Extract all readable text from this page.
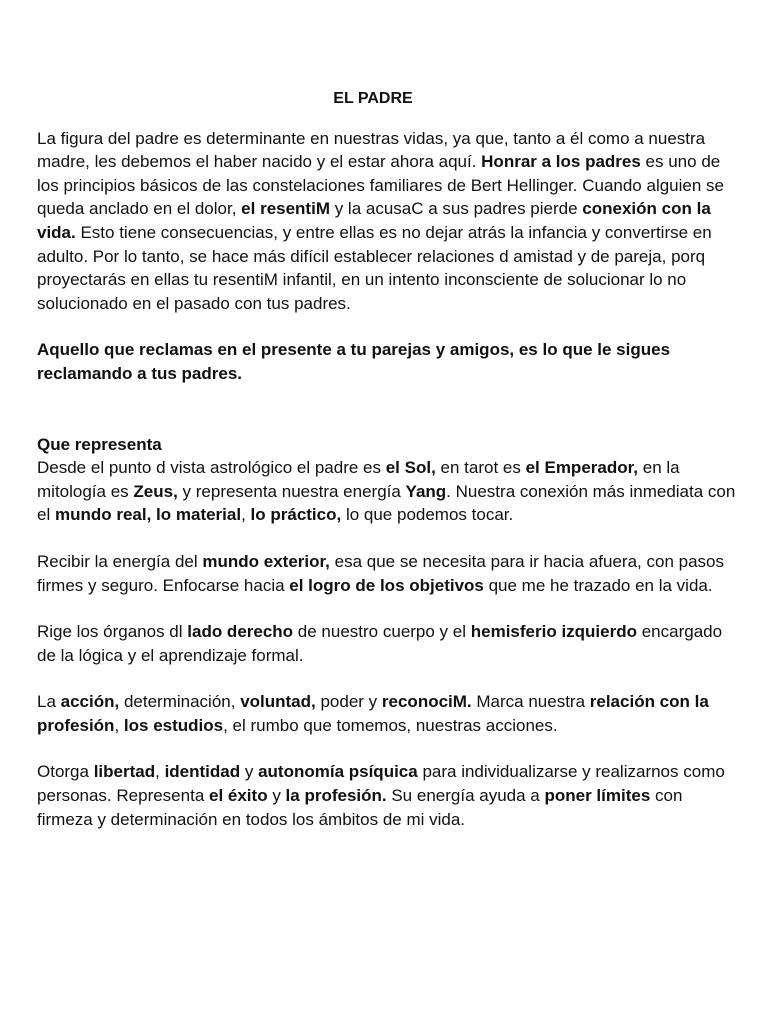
EL PADRE

La figura del padre es determinante en nuestras vidas, ya que, tanto a él como a nuestra madre, les debemos el haber nacido y el estar ahora aquí. Honrar a los padres es uno de los principios básicos de las constelaciones familiares de Bert Hellinger. Cuando alguien se queda anclado en el dolor, el resentiM y la acusaC a sus padres pierde conexión con la vida. Esto tiene consecuencias, y entre ellas es no dejar atrás la infancia y convertirse en adulto. Por lo tanto, se hace más difícil establecer relaciones d amistad y de pareja, porq proyectarás en ellas tu resentiM infantil, en un intento inconsciente de solucionar lo no solucionado en el pasado con tus padres.

Aquello que reclamas en el presente a tu parejas y amigos, es lo que le sigues reclamando a tus padres.

Que representa

Desde el punto d vista astrológico el padre es el Sol, en tarot es el Emperador, en la mitología es Zeus, y representa nuestra energía Yang. Nuestra conexión más inmediata con el mundo real, lo material, lo práctico, lo que podemos tocar.

Recibir la energía del mundo exterior, esa que se necesita para ir hacia afuera, con pasos firmes y seguro. Enfocarse hacia el logro de los objetivos que me he trazado en la vida.

Rige los órganos dl lado derecho de nuestro cuerpo y el hemisferio izquierdo encargado de la lógica y el aprendizaje formal.

La acción, determinación, voluntad, poder y reconociM. Marca nuestra relación con la profesión, los estudios, el rumbo que tomemos, nuestras acciones.

Otorga libertad, identidad y autonomía psíquica para individualizarse y realizarnos como personas. Representa el éxito y la profesión. Su energía ayuda a poner límites con firmeza y determinación en todos los ámbitos de mi vida.
